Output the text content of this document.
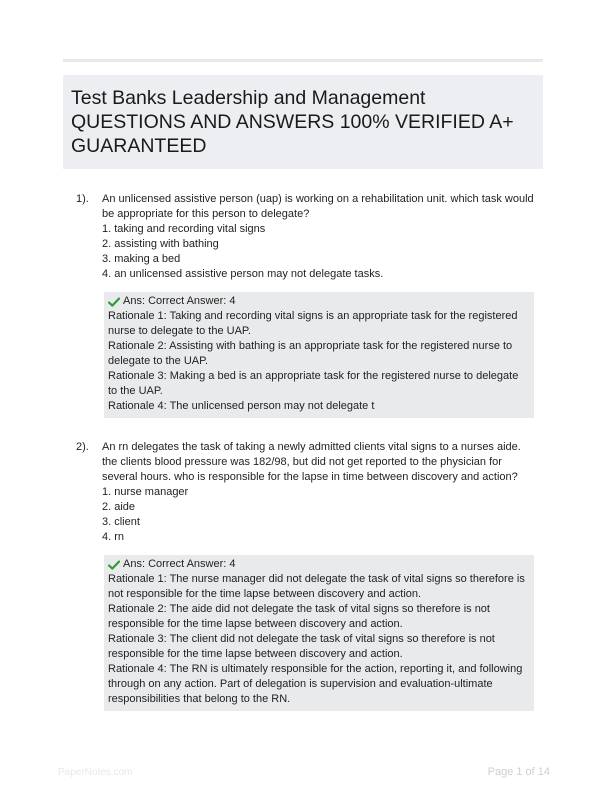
Test Banks Leadership and Management QUESTIONS AND ANSWERS 100% VERIFIED A+ GUARANTEED
1). An unlicensed assistive person (uap) is working on a rehabilitation unit. which task would be appropriate for this person to delegate?

1. taking and recording vital signs

2. assisting with bathing

3. making a bed

4. an unlicensed assistive person may not delegate tasks.

Ans: Correct Answer: 4

Rationale 1: Taking and recording vital signs is an appropriate task for the registered nurse to delegate to the UAP.

Rationale 2: Assisting with bathing is an appropriate task for the registered nurse to delegate to the UAP.

Rationale 3: Making a bed is an appropriate task for the registered nurse to delegate to the UAP.

Rationale 4: The unlicensed person may not delegate t

2). An rn delegates the task of taking a newly admitted clients vital signs to a nurses aide. the clients blood pressure was 182/98, but did not get reported to the physician for several hours. who is responsible for the lapse in time between discovery and action?

1. nurse manager

2. aide

3. client

4. rn

Ans: Correct Answer: 4

Rationale 1: The nurse manager did not delegate the task of vital signs so therefore is not responsible for the time lapse between discovery and action.

Rationale 2: The aide did not delegate the task of vital signs so therefore is not responsible for the time lapse between discovery and action.

Rationale 3: The client did not delegate the task of vital signs so therefore is not responsible for the time lapse between discovery and action.

Rationale 4: The RN is ultimately responsible for the action, reporting it, and following through on any action. Part of delegation is supervision and evaluation-ultimate responsibilities that belong to the RN.

PaperNotes.com	Page 1 of 14
